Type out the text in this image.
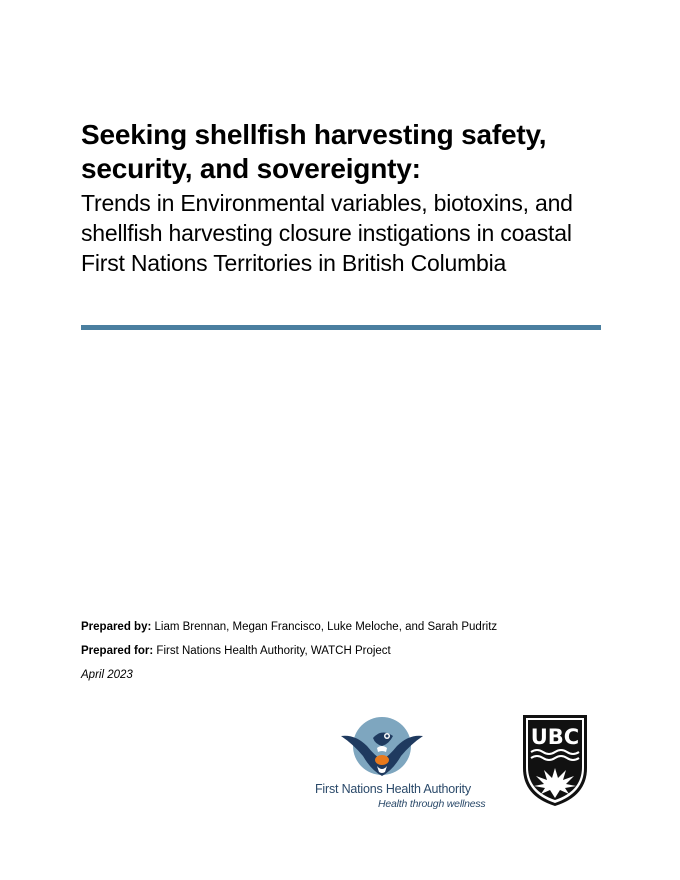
Seeking shellfish harvesting safety, security, and sovereignty:
Trends in Environmental variables, biotoxins, and shellfish harvesting closure instigations in coastal First Nations Territories in British Columbia
Prepared by: Liam Brennan, Megan Francisco, Luke Meloche, and Sarah Pudritz
Prepared for: First Nations Health Authority, WATCH Project
April 2023
First Nations Health Authority
Health through wellness
UBC
